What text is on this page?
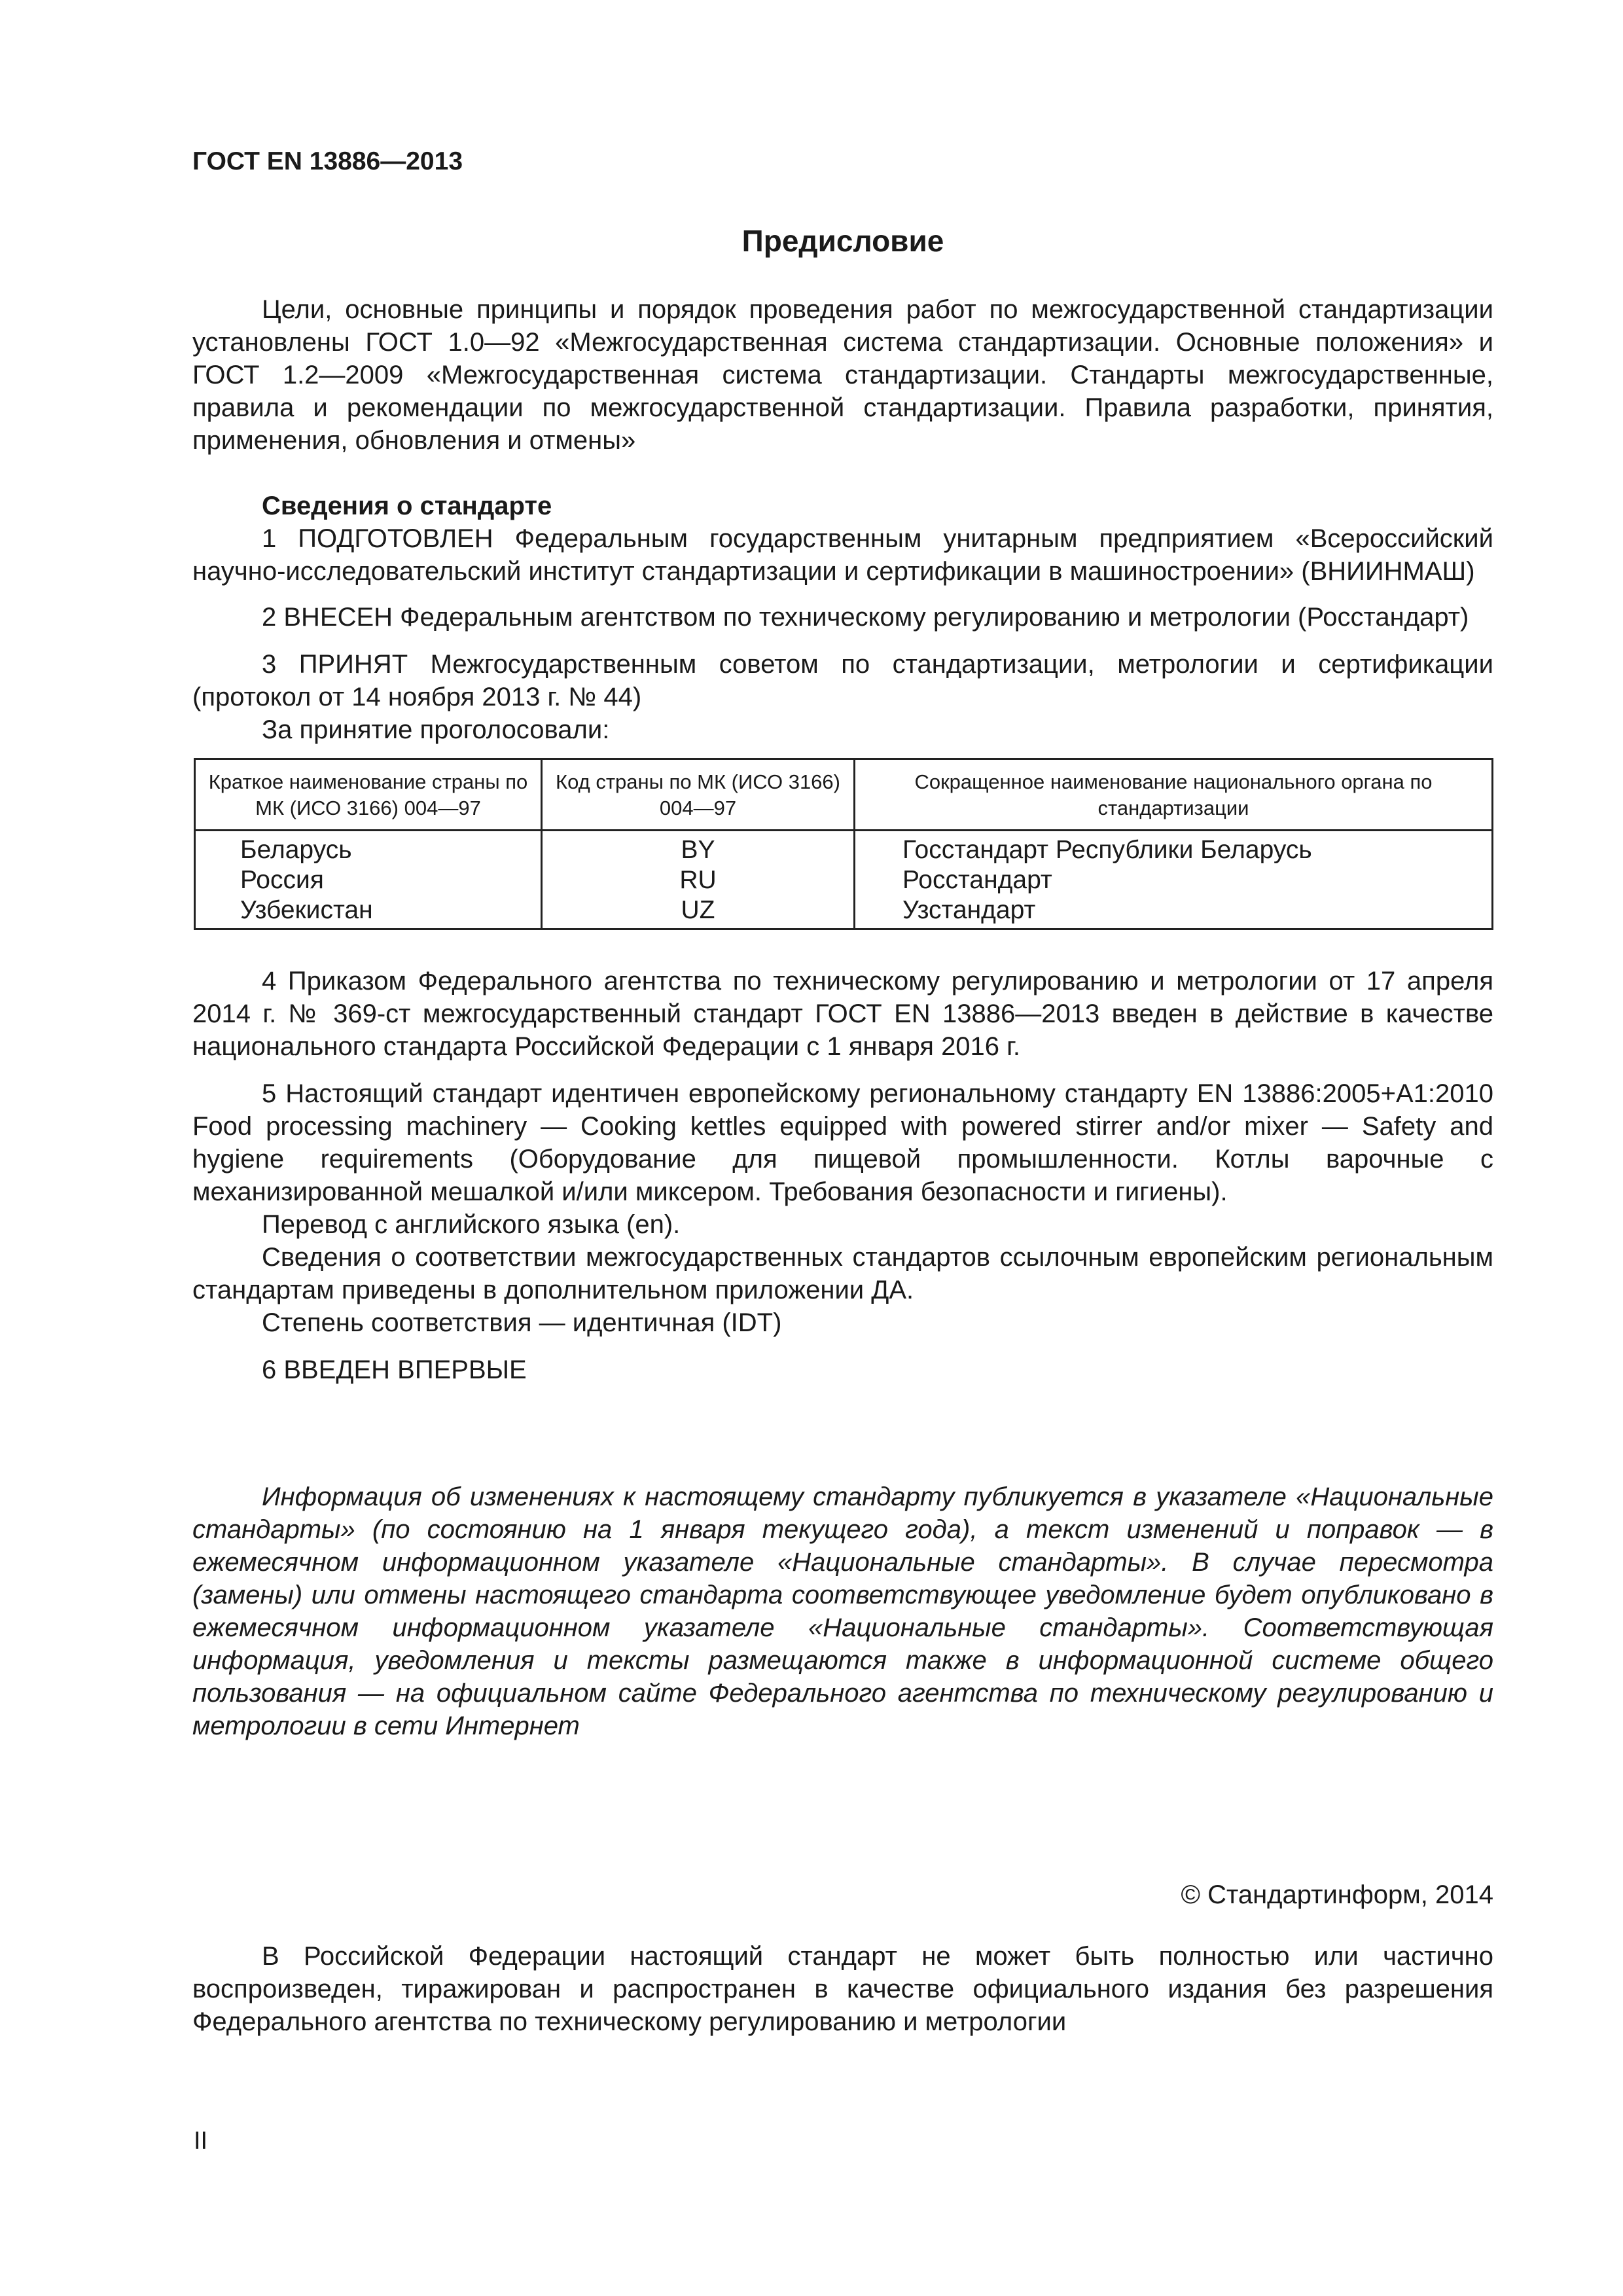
ГОСТ EN 13886—2013
Предисловие

Цели, основные принципы и порядок проведения работ по межгосударственной стандартизации установлены ГОСТ 1.0—92 «Межгосударственная система стандартизации. Основные положения» и ГОСТ 1.2—2009 «Межгосударственная система стандартизации. Стандарты межгосударственные, правила и рекомендации по межгосударственной стандартизации. Правила разработки, принятия, применения, обновления и отмены»

Сведения о стандарте

1 ПОДГОТОВЛЕН Федеральным государственным унитарным предприятием «Всероссийский научно-исследовательский институт стандартизации и сертификации в машиностроении» (ВНИИНМАШ)

2 ВНЕСЕН Федеральным агентством по техническому регулированию и метрологии (Росстандарт)

3 ПРИНЯТ Межгосударственным советом по стандартизации, метрологии и сертификации (протокол от 14 ноября 2013 г. № 44)

За принятие проголосовали:

Краткое наименование страны по МК (ИСО 3166) 004—97	Код страны по МК (ИСО 3166) 004—97	Сокращенное наименование национального органа по стандартизации

Беларусь	BY	Госстандарт Республики Беларусь
Россия	RU	Росстандарт
Узбекистан	UZ	Узстандарт

4 Приказом Федерального агентства по техническому регулированию и метрологии от 17 апреля 2014 г. № 369-ст межгосударственный стандарт ГОСТ EN 13886—2013 введен в действие в качестве национального стандарта Российской Федерации с 1 января 2016 г.

5 Настоящий стандарт идентичен европейскому региональному стандарту EN 13886:2005+A1:2010 Food processing machinery — Cooking kettles equipped with powered stirrer and/or mixer — Safety and hygiene requirements (Оборудование для пищевой промышленности. Котлы варочные с механизированной мешалкой и/или миксером. Требования безопасности и гигиены).

Перевод с английского языка (en).

Сведения о соответствии межгосударственных стандартов ссылочным европейским региональным стандартам приведены в дополнительном приложении ДА.

Степень соответствия — идентичная (IDT)

6 ВВЕДЕН ВПЕРВЫЕ

Информация об изменениях к настоящему стандарту публикуется в указателе «Национальные стандарты» (по состоянию на 1 января текущего года), а текст изменений и поправок — в ежемесячном информационном указателе «Национальные стандарты». В случае пересмотра (замены) или отмены настоящего стандарта соответствующее уведомление будет опубликовано в ежемесячном информационном указателе «Национальные стандарты». Соответствующая информация, уведомления и тексты размещаются также в информационной системе общего пользования — на официальном сайте Федерального агентства по техническому регулированию и метрологии в сети Интернет

© Стандартинформ, 2014

В Российской Федерации настоящий стандарт не может быть полностью или частично воспроизведен, тиражирован и распространен в качестве официального издания без разрешения Федерального агентства по техническому регулированию и метрологии

II
